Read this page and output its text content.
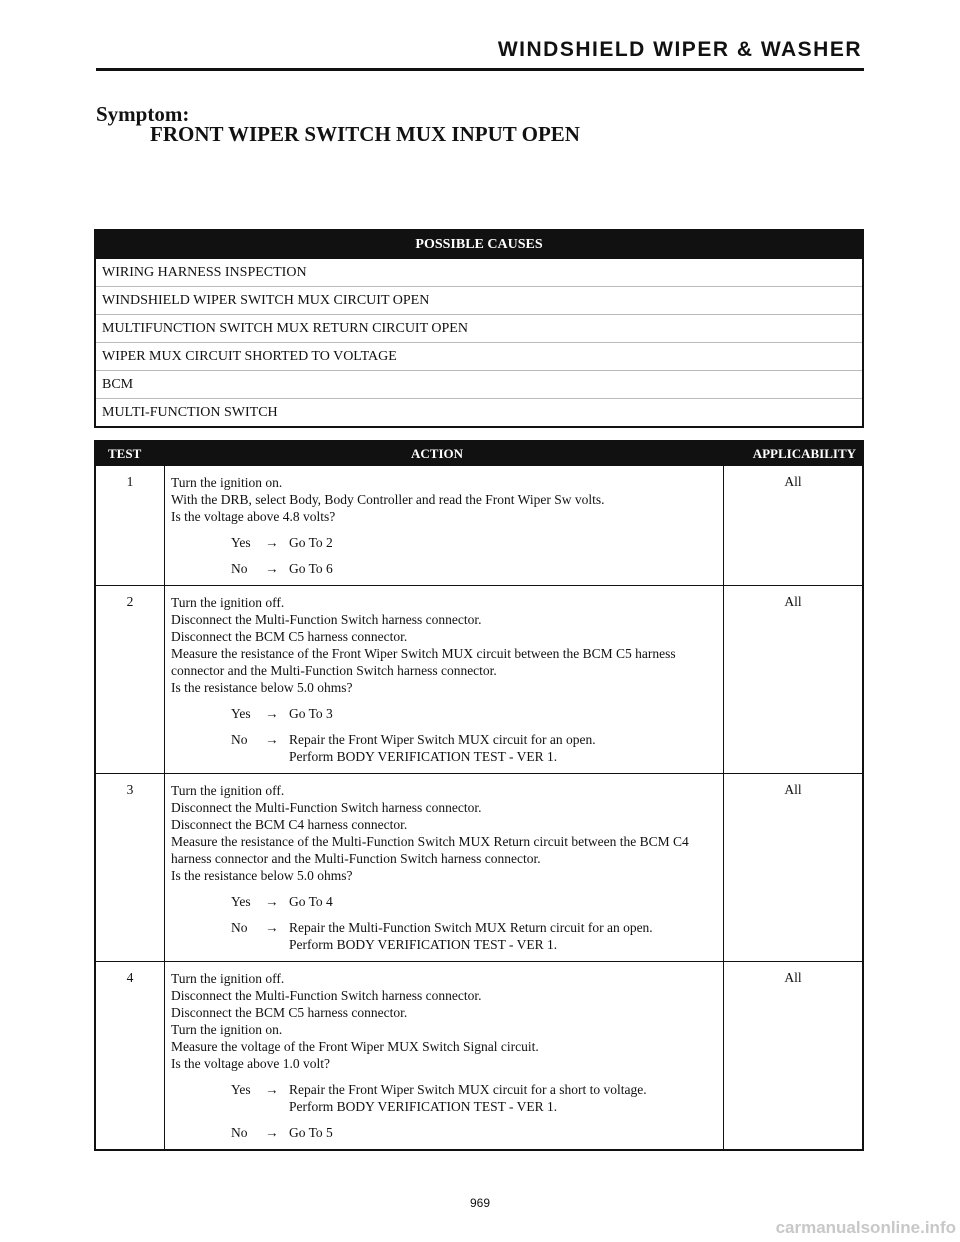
WINDSHIELD WIPER & WASHER
Symptom:
FRONT WIPER SWITCH MUX INPUT OPEN
POSSIBLE CAUSES
WIRING HARNESS INSPECTION
WINDSHIELD WIPER SWITCH MUX CIRCUIT OPEN
MULTIFUNCTION SWITCH MUX RETURN CIRCUIT OPEN
WIPER MUX CIRCUIT SHORTED TO VOLTAGE
BCM
MULTI-FUNCTION SWITCH
TEST	ACTION	APPLICABILITY
1	Turn the ignition on.
With the DRB, select Body, Body Controller and read the Front Wiper Sw volts.
Is the voltage above 4.8 volts?
Yes	→ Go To 2
No	→ Go To 6
All
2	Turn the ignition off.
Disconnect the Multi-Function Switch harness connector.
Disconnect the BCM C5 harness connector.
Measure the resistance of the Front Wiper Switch MUX circuit between the BCM C5 harness connector and the Multi-Function Switch harness connector.
Is the resistance below 5.0 ohms?
Yes	→ Go To 3
No	→ Repair the Front Wiper Switch MUX circuit for an open.
Perform BODY VERIFICATION TEST - VER 1.
All
3	Turn the ignition off.
Disconnect the Multi-Function Switch harness connector.
Disconnect the BCM C4 harness connector.
Measure the resistance of the Multi-Function Switch MUX Return circuit between the BCM C4 harness connector and the Multi-Function Switch harness connector.
Is the resistance below 5.0 ohms?
Yes	→ Go To 4
No	→ Repair the Multi-Function Switch MUX Return circuit for an open.
Perform BODY VERIFICATION TEST - VER 1.
All
4	Turn the ignition off.
Disconnect the Multi-Function Switch harness connector.
Disconnect the BCM C5 harness connector.
Turn the ignition on.
Measure the voltage of the Front Wiper MUX Switch Signal circuit.
Is the voltage above 1.0 volt?
Yes	→ Repair the Front Wiper Switch MUX circuit for a short to voltage.
Perform BODY VERIFICATION TEST - VER 1.
No	→ Go To 5
All
969
carmanualsonline.info
